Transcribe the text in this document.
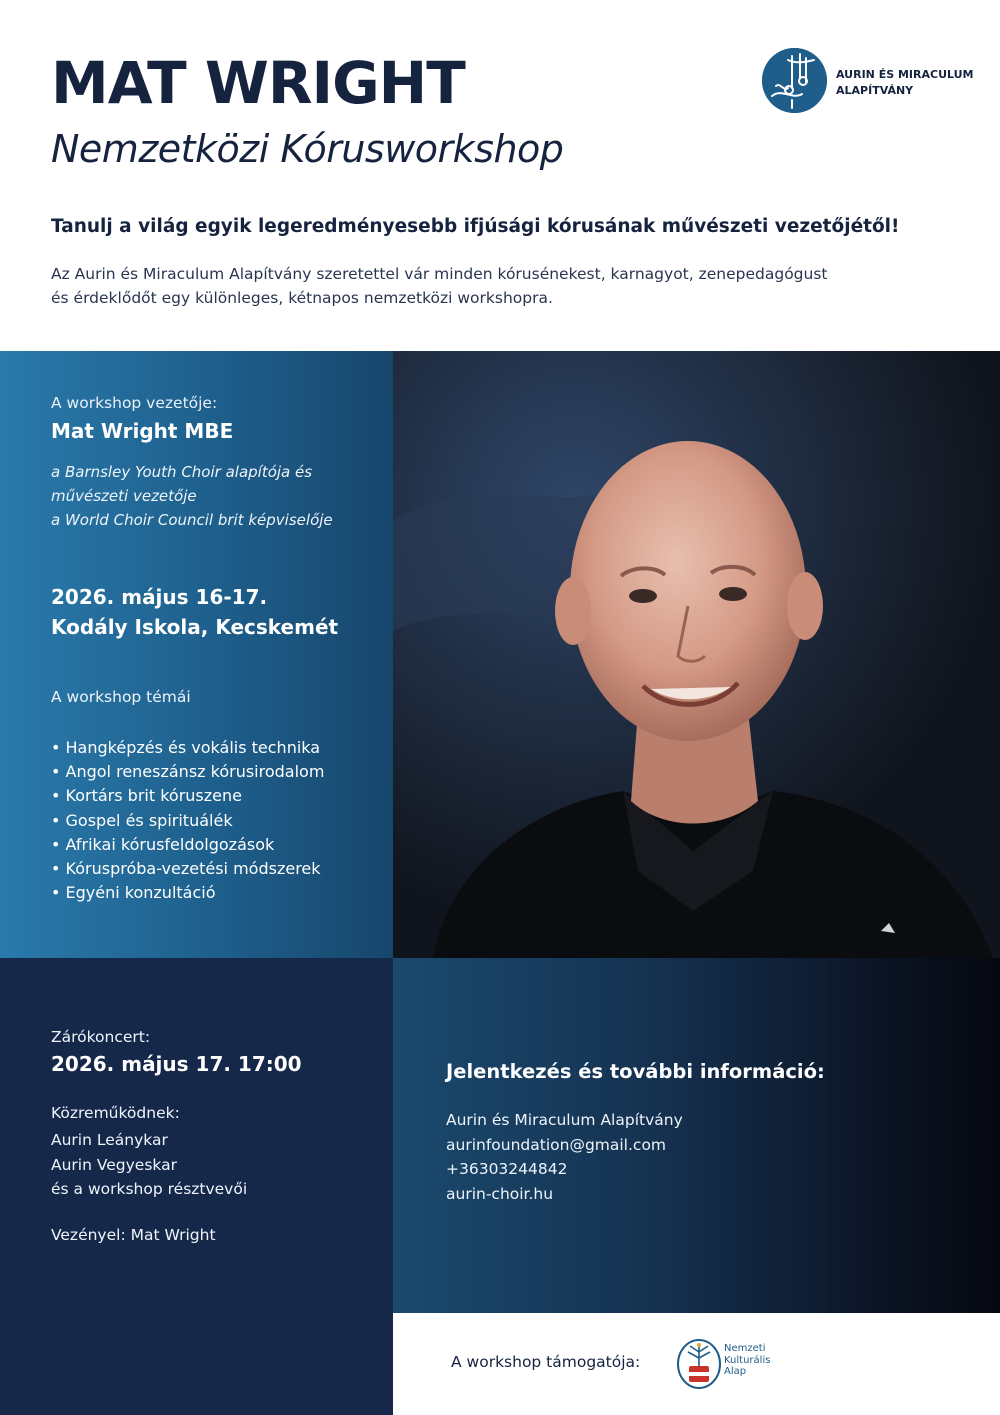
MAT WRIGHT
Nemzetközi Kórusworkshop
Tanulj a világ egyik legeredményesebb ifjúsági kórusának művészeti vezetőjétől!
Az Aurin és Miraculum Alapítvány szeretettel vár minden kórusénekest, karnagyot, zenepedagógust
és érdeklődőt egy különleges, kétnapos nemzetközi workshopra.
AURIN ÉS MIRACULUM
ALAPÍTVÁNY
A workshop vezetője:
Mat Wright MBE
a Barnsley Youth Choir alapítója és
művészeti vezetője
a World Choir Council brit képviselője
2026. május 16-17.
Kodály Iskola, Kecskemét
A workshop témái
• Hangképzés és vokális technika
• Angol reneszánsz kórusirodalom
• Kortárs brit kóruszene
• Gospel és spirituálék
• Afrikai kórusfeldolgozások
• Kóruspróba-vezetési módszerek
• Egyéni konzultáció
Zárókoncert:
2026. május 17. 17:00
Közreműködnek:
Aurin Leánykar
Aurin Vegyeskar
és a workshop résztvevői
Vezényel: Mat Wright
Jelentkezés és további információ:
Aurin és Miraculum Alapítvány
aurinfoundation@gmail.com
+36303244842
aurin-choir.hu
A workshop támogatója:
Nemzeti
Kulturális
Alap
